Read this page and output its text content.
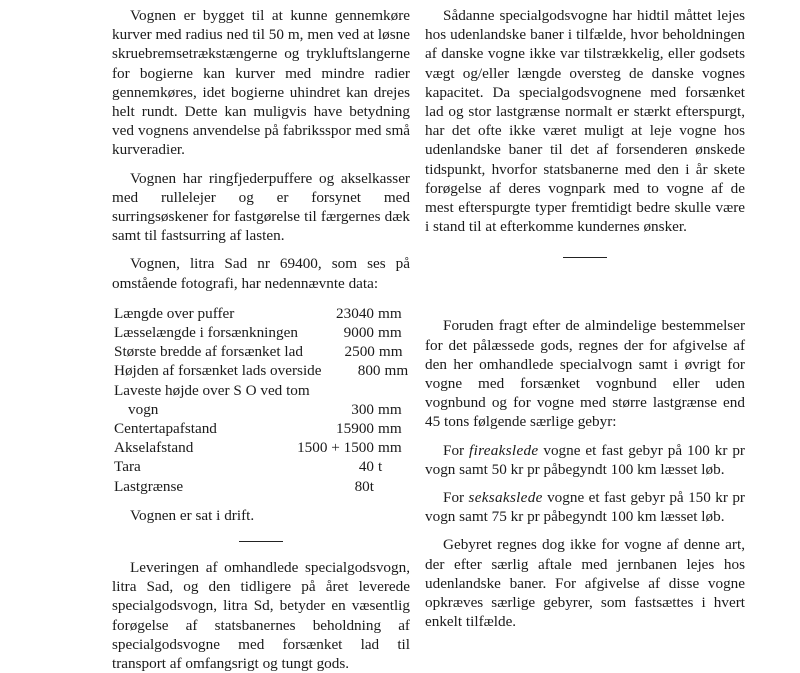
Vognen er bygget til at kunne gennemkøre kurver med radius ned til 50 m, men ved at løsne skruebremsetrækstængerne og trykluftslangerne for bogierne kan kurver med mindre radier gennemkøres, idet bogierne uhindret kan drejes helt rundt. Dette kan muligvis have betydning ved vognens anvendelse på fabriksspor med små kurveradier.

Vognen har ringfjederpuffere og akselkasser med rullelejer og er forsynet med surringsøskener for fastgørelse til færgernes dæk samt til fastsurring af lasten.

Vognen, litra Sad nr 69400, som ses på omstående fotografi, har nedennævnte data:

Længde over puffer	23040 mm
Læsselængde i forsænkningen	9000 mm
Største bredde af forsænket lad	2500 mm
Højden af forsænket lads overside	800 mm
Laveste højde over S O ved tom
vogn	300 mm
Centertapafstand	15900 mm
Akselafstand	1500 + 1500 mm
Tara	40 t
Lastgrænse	80t

Vognen er sat i drift.

Leveringen af omhandlede specialgodsvogn, litra Sad, og den tidligere på året leverede specialgodsvogn, litra Sd, betyder en væsentlig forøgelse af statsbanernes beholdning af specialgodsvogne med forsænket lad til transport af omfangsrigt og tungt gods.

Sådanne specialgodsvogne har hidtil måttet lejes hos udenlandske baner i tilfælde, hvor beholdningen af danske vogne ikke var tilstrækkelig, eller godsets vægt og/eller længde oversteg de danske vognes kapacitet. Da specialgodsvognene med forsænket lad og stor lastgrænse normalt er stærkt efterspurgt, har det ofte ikke været muligt at leje vogne hos udenlandske baner til det af forsenderen ønskede tidspunkt, hvorfor statsbanerne med den i år skete forøgelse af deres vognpark med to vogne af de mest efterspurgte typer fremtidigt bedre skulle være i stand til at efterkomme kundernes ønsker.

Foruden fragt efter de almindelige bestemmelser for det pålæssede gods, regnes der for afgivelse af den her omhandlede specialvogn samt i øvrigt for vogne med forsænket vognbund eller uden vognbund og for vogne med større lastgrænse end 45 tons følgende særlige gebyr:

For fireakslede vogne et fast gebyr på 100 kr pr vogn samt 50 kr pr påbegyndt 100 km læsset løb.

For seksakslede vogne et fast gebyr på 150 kr pr vogn samt 75 kr pr påbegyndt 100 km læsset løb.

Gebyret regnes dog ikke for vogne af denne art, der efter særlig aftale med jernbanen lejes hos udenlandske baner. For afgivelse af disse vogne opkræves særlige gebyrer, som fastsættes i hvert enkelt tilfælde.
